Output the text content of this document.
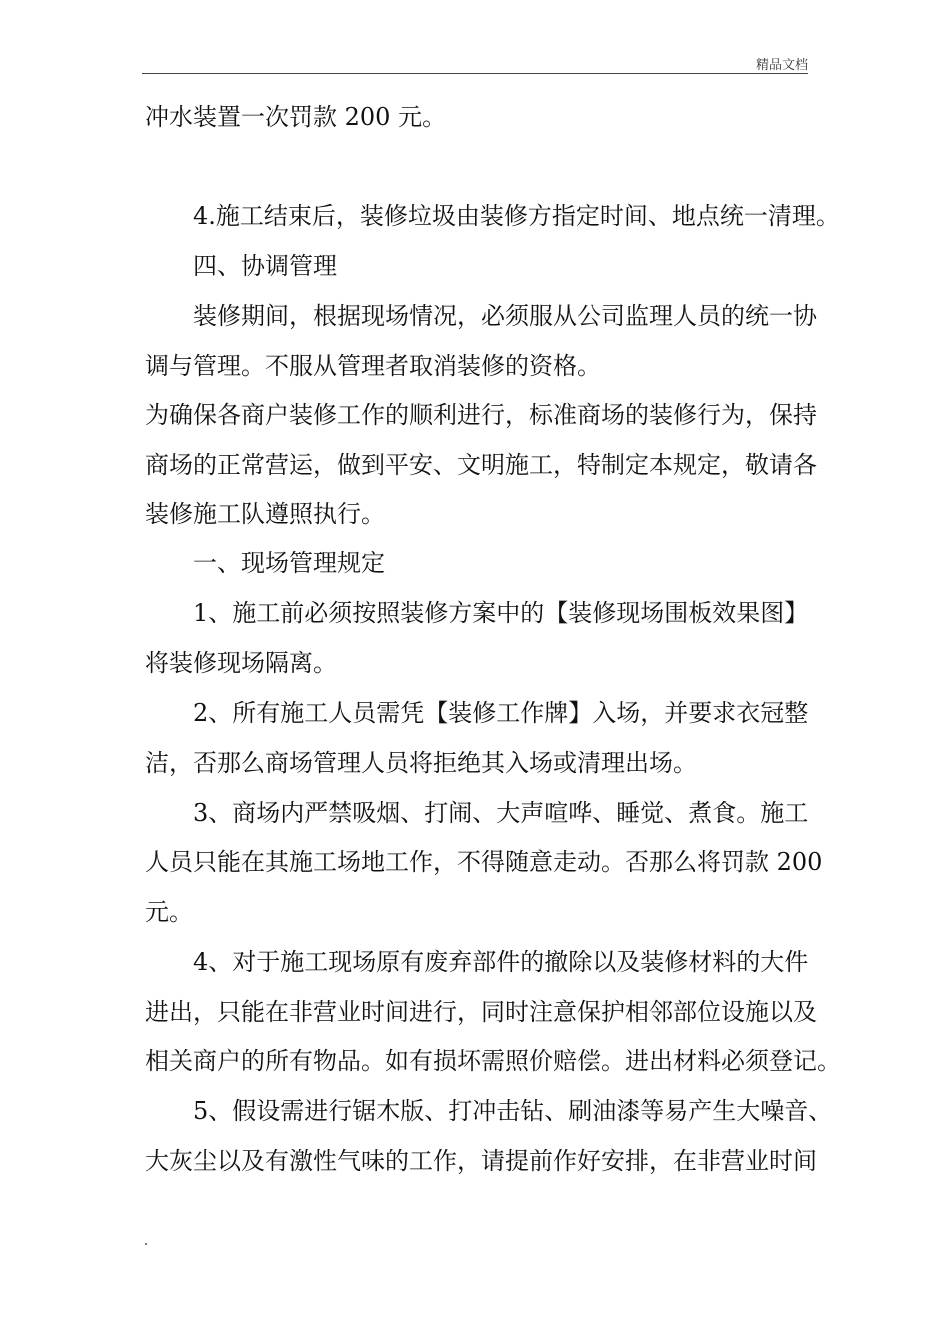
精品文档
冲水装置一次罚款 200 元。
4.施工结束后，装修垃圾由装修方指定时间、地点统一清理。
四、协调管理
装修期间，根据现场情况，必须服从公司监理人员的统一协
调与管理。不服从管理者取消装修的资格。
为确保各商户装修工作的顺利进行，标准商场的装修行为，保持
商场的正常营运，做到平安、文明施工，特制定本规定，敬请各
装修施工队遵照执行。
一、现场管理规定
1、施工前必须按照装修方案中的【装修现场围板效果图】
将装修现场隔离。
2、所有施工人员需凭【装修工作牌】入场，并要求衣冠整
洁，否那么商场管理人员将拒绝其入场或清理出场。
3、商场内严禁吸烟、打闹、大声喧哗、睡觉、煮食。施工
人员只能在其施工场地工作，不得随意走动。否那么将罚款 200
元。
4、对于施工现场原有废弃部件的撤除以及装修材料的大件
进出，只能在非营业时间进行，同时注意保护相邻部位设施以及
相关商户的所有物品。如有损坏需照价赔偿。进出材料必须登记。
5、假设需进行锯木版、打冲击钻、刷油漆等易产生大噪音、
大灰尘以及有激性气味的工作，请提前作好安排，在非营业时间
